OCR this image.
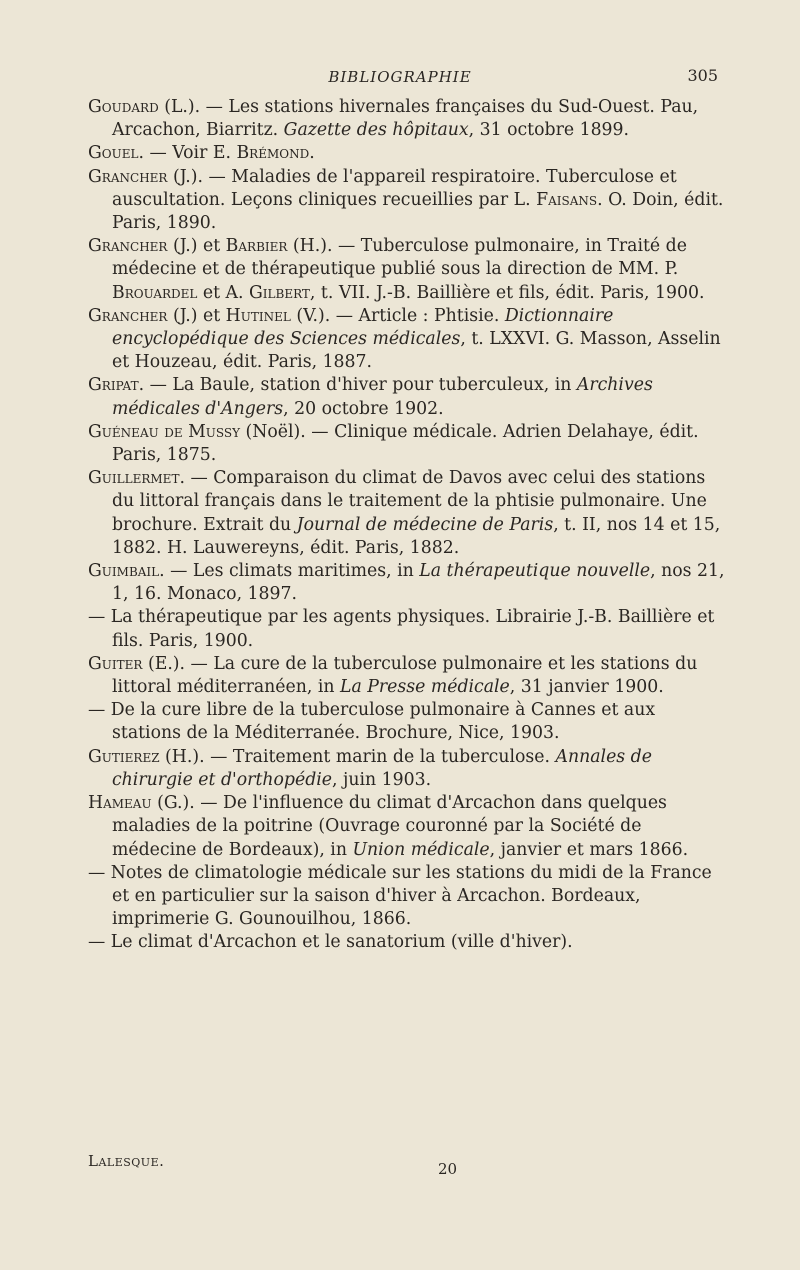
BIBLIOGRAPHIE	305

Goudard (L.). — Les stations hivernales françaises du Sud-Ouest. Pau, Arcachon, Biarritz. Gazette des hôpitaux, 31 octobre 1899.

Gouel. — Voir E. Brémond.

Grancher (J.). — Maladies de l'appareil respiratoire. Tuberculose et auscultation. Leçons cliniques recueillies par L. Faisans. O. Doin, édit. Paris, 1890.

Grancher (J.) et Barbier (H.). — Tuberculose pulmonaire, in Traité de médecine et de thérapeutique publié sous la direction de MM. P. Brouardel et A. Gilbert, t. VII. J.-B. Baillière et fils, édit. Paris, 1900.

Grancher (J.) et Hutinel (V.). — Article : Phtisie. Dictionnaire encyclopédique des Sciences médicales, t. LXXVI. G. Masson, Asselin et Houzeau, édit. Paris, 1887.

Gripat. — La Baule, station d'hiver pour tuberculeux, in Archives médicales d'Angers, 20 octobre 1902.

Guéneau de Mussy (Noël). — Clinique médicale. Adrien Delahaye, édit. Paris, 1875.

Guillermet. — Comparaison du climat de Davos avec celui des stations du littoral français dans le traitement de la phtisie pulmonaire. Une brochure. Extrait du Journal de médecine de Paris, t. II, nos 14 et 15, 1882. H. Lauwereyns, édit. Paris, 1882.

Guimbail. — Les climats maritimes, in La thérapeutique nouvelle, nos 21, 1, 16. Monaco, 1897.

— La thérapeutique par les agents physiques. Librairie J.-B. Baillière et fils. Paris, 1900.

Guiter (E.). — La cure de la tuberculose pulmonaire et les stations du littoral méditerranéen, in La Presse médicale, 31 janvier 1900.

— De la cure libre de la tuberculose pulmonaire à Cannes et aux stations de la Méditerranée. Brochure, Nice, 1903.

Gutierez (H.). — Traitement marin de la tuberculose. Annales de chirurgie et d'orthopédie, juin 1903.

Hameau (G.). — De l'influence du climat d'Arcachon dans quelques maladies de la poitrine (Ouvrage couronné par la Société de médecine de Bordeaux), in Union médicale, janvier et mars 1866.

— Notes de climatologie médicale sur les stations du midi de la France et en particulier sur la saison d'hiver à Arcachon. Bordeaux, imprimerie G. Gounouilhou, 1866.

— Le climat d'Arcachon et le sanatorium (ville d'hiver).

Lalesque.	20
